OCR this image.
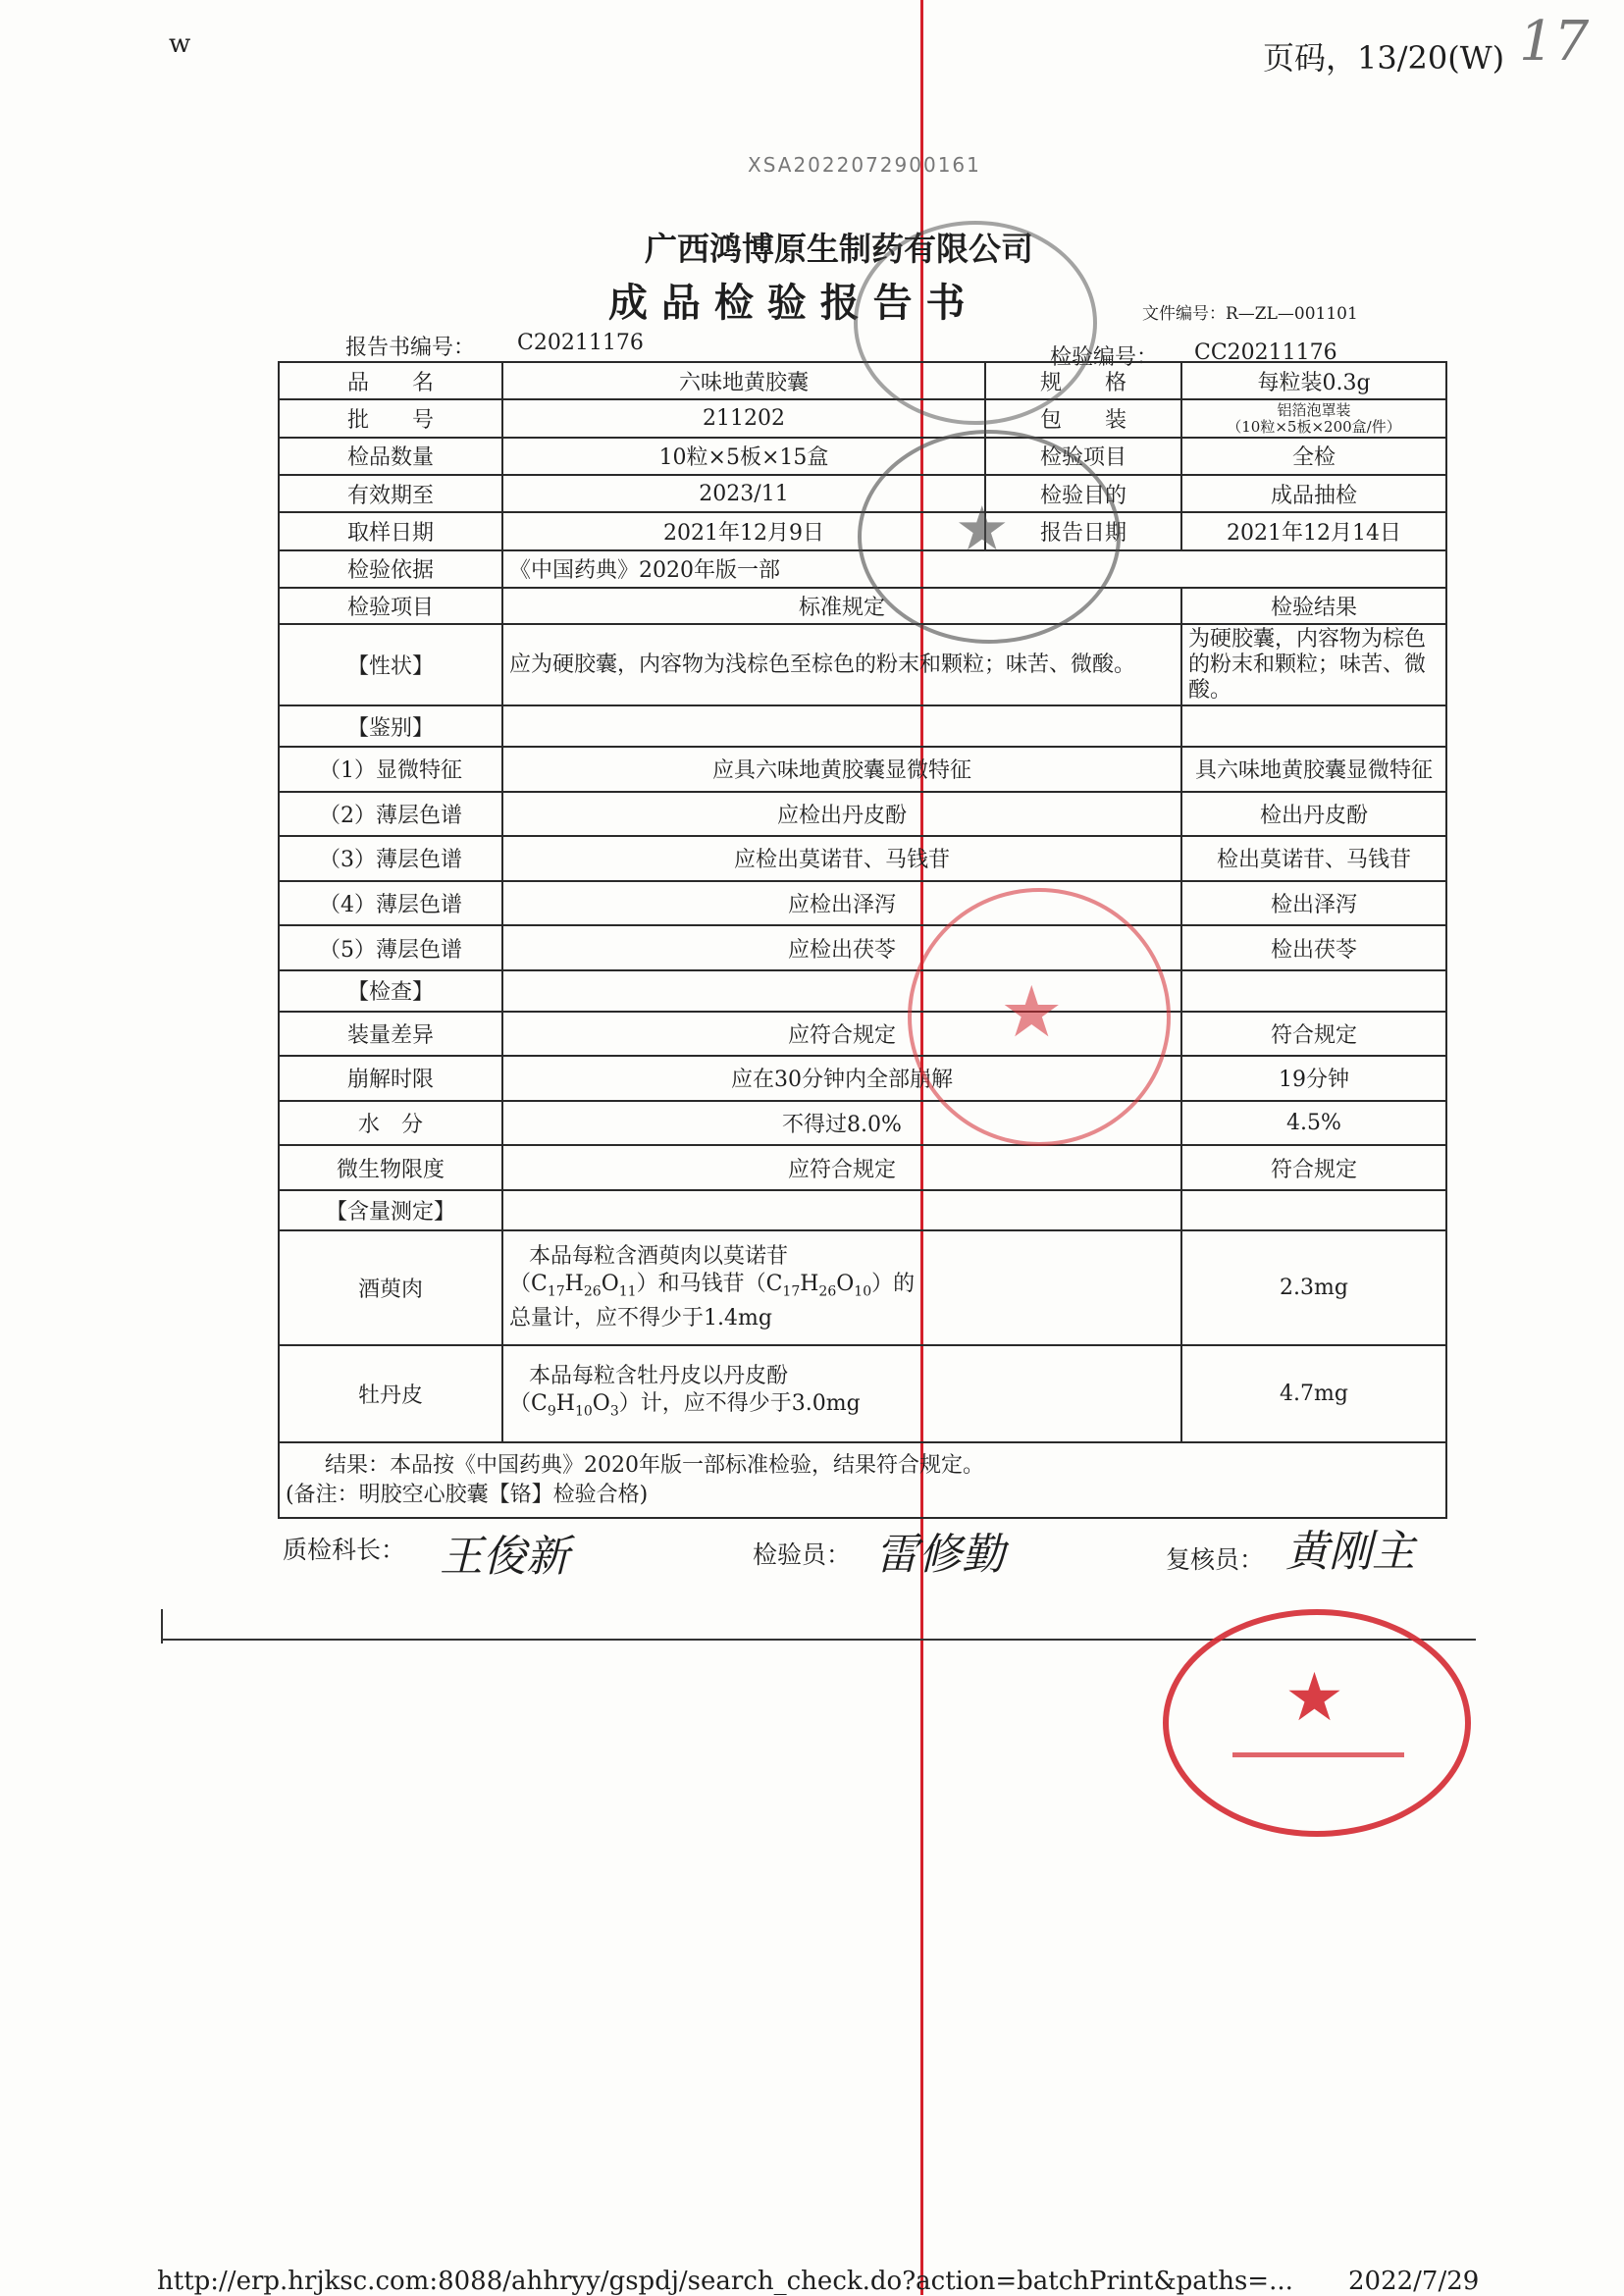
w	页码，13/20(W) 17
XSA2022072900161
广西鸿博原生制药有限公司
成 品 检 验 报 告 书	文件编号：R—ZL—001101
报告书编号： C20211176
检验编号： CC20211176
品　　名	六味地黄胶囊	规　　格	每粒装0.3g
批　　号	211202	包　　装	铝箔泡罩装
（10粒×5板×200盒/件）

检品数量	10粒×5板×15盒	检验项目	全检
有效期至	2023/11	检验目的	成品抽检
取样日期	2021年12月9日	报告日期	2021年12月14日
检验依据	《中国药典》2020年版一部		
检验项目	标准规定		检验结果
【性状】	应为硬胶囊，内容物为浅棕色至棕色的粉末和颗粒；味苦、微酸。		为硬胶囊，内容物为棕色的粉末和颗粒；味苦、微酸。
【鉴别】			
（1）显微特征	应具六味地黄胶囊显微特征		具六味地黄胶囊显微特征
（2）薄层色谱	应检出丹皮酚		检出丹皮酚
（3）薄层色谱	应检出莫诺苷、马钱苷		检出莫诺苷、马钱苷
（4）薄层色谱	应检出泽泻		检出泽泻
（5）薄层色谱	应检出茯苓		检出茯苓
【检查】			
装量差异	应符合规定		符合规定
崩解时限	应在30分钟内全部崩解		19分钟
水　分	不得过8.0%		4.5%
微生物限度	应符合规定		符合规定
【含量测定】			
酒萸肉	本品每粒含酒萸肉以莫诺苷
$(C_{17}H_{26}O_{11})$和马钱苷$(C_{17}H_{26}O_{10})$的
总量计，应不得少于1.4mg		2.3mg
牡丹皮	本品每粒含牡丹皮以丹皮酚
$(C_9H_{10}O_3)$计，应不得少于3.0mg		4.7mg

结果：本品按《中国药典》2020年版一部标准检验，结果符合规定。
(备注：明胶空心胶囊【铬】检验合格)			
质检科长： 王俊新	检验员： 雷修勤	复核员： 黄刚主
★
★
★
http://erp.hrjksc.com:8088/ahhryy/gspdj/search_check.do?action=batchPrint&paths=... 2022/7/29
